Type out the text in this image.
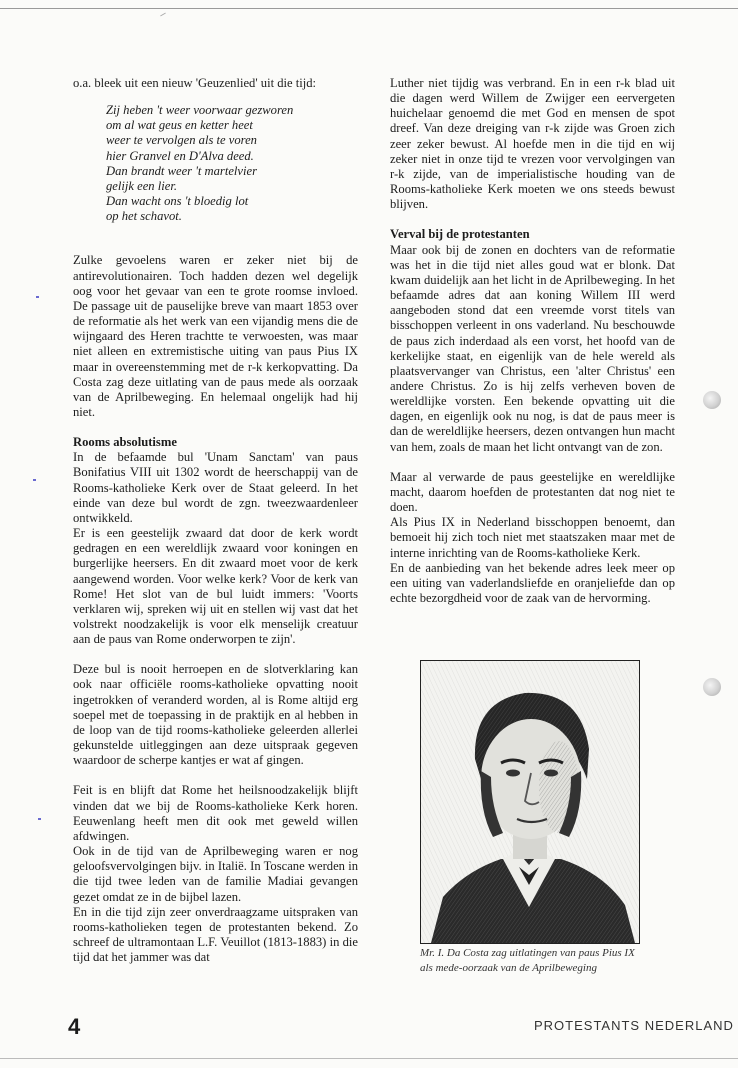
o.a. bleek uit een nieuw 'Geuzenlied' uit die tijd:

Zij heben 't weer voorwaar gezworen
om al wat geus en ketter heet
weer te vervolgen als te voren
hier Granvel en D'Alva deed.
Dan brandt weer 't martelvier
gelijk een lier.
Dan wacht ons 't bloedig lot
op het schavot.

Zulke gevoelens waren er zeker niet bij de antirevolutionairen. Toch hadden dezen wel degelijk oog voor het gevaar van een te grote roomse invloed. De passage uit de pauselijke breve van maart 1853 over de reformatie als het werk van een vijandig mens die de wijngaard des Heren trachtte te verwoesten, was maar niet alleen en extremistische uiting van paus Pius IX maar in overeenstemming met de r-k kerkopvatting. Da Costa zag deze uitlating van de paus mede als oorzaak van de Aprilbeweging. En helemaal ongelijk had hij niet.

Rooms absolutisme

In de befaamde bul 'Unam Sanctam' van paus Bonifatius VIII uit 1302 wordt de heerschappij van de Rooms-katholieke Kerk over de Staat geleerd. In het einde van deze bul wordt de zgn. tweezwaardenleer ontwikkeld.

Er is een geestelijk zwaard dat door de kerk wordt gedragen en een wereldlijk zwaard voor koningen en burgerlijke heersers. En dit zwaard moet voor de kerk aangewend worden. Voor welke kerk? Voor de kerk van Rome! Het slot van de bul luidt immers: 'Voorts verklaren wij, spreken wij uit en stellen wij vast dat het volstrekt noodzakelijk is voor elk menselijk creatuur aan de paus van Rome onderworpen te zijn'.

Deze bul is nooit herroepen en de slotverklaring kan ook naar officiële rooms-katholieke opvatting nooit ingetrokken of veranderd worden, al is Rome altijd erg soepel met de toepassing in de praktijk en al hebben in de loop van de tijd rooms-katholieke geleerden allerlei gekunstelde uitleggingen aan deze uitspraak gegeven waardoor de scherpe kantjes er wat af gingen.

Feit is en blijft dat Rome het heilsnoodzakelijk blijft vinden dat we bij de Rooms-katholieke Kerk horen. Eeuwenlang heeft men dit ook met geweld willen afdwingen.

Ook in de tijd van de Aprilbeweging waren er nog geloofsvervolgingen bijv. in Italië. In Toscane werden in die tijd twee leden van de familie Madiai gevangen gezet omdat ze in de bijbel lazen.

En in die tijd zijn zeer onverdraagzame uitspraken van rooms-katholieken tegen de protestanten bekend. Zo schreef de ultramontaan L.F. Veuillot (1813-1883) in die tijd dat het jammer was dat

Luther niet tijdig was verbrand. En in een r-k blad uit die dagen werd Willem de Zwijger een eervergeten huichelaar genoemd die met God en mensen de spot dreef. Van deze dreiging van r-k zijde was Groen zich zeer zeker bewust. Al hoefde men in die tijd en wij zeker niet in onze tijd te vrezen voor vervolgingen van r-k zijde, van de imperialistische houding van de Rooms-katholieke Kerk moeten we ons steeds bewust blijven.

Verval bij de protestanten

Maar ook bij de zonen en dochters van de reformatie was het in die tijd niet alles goud wat er blonk. Dat kwam duidelijk aan het licht in de Aprilbeweging. In het befaamde adres dat aan koning Willem III werd aangeboden stond dat een vreemde vorst titels van bisschoppen verleent in ons vaderland. Nu beschouwde de paus zich inderdaad als een vorst, het hoofd van de kerkelijke staat, en eigenlijk van de hele wereld als plaatsvervanger van Christus, een 'alter Christus' een andere Christus. Zo is hij zelfs verheven boven de wereldlijke vorsten. Een bekende opvatting uit die dagen, en eigenlijk ook nu nog, is dat de paus meer is dan de wereldlijke heersers, dezen ontvangen hun macht van hem, zoals de maan het licht ontvangt van de zon.

Maar al verwarde de paus geestelijke en wereldlijke macht, daarom hoefden de protestanten dat nog niet te doen.

Als Pius IX in Nederland bisschoppen benoemt, dan bemoeit hij zich toch niet met staatszaken maar met de interne inrichting van de Rooms-katholieke Kerk.

En de aanbieding van het bekende adres leek meer op een uiting van vaderlandsliefde en oranjeliefde dan op echte bezorgdheid voor de zaak van de hervorming.

Mr. I. Da Costa zag uitlatingen van paus Pius IX als mede-oorzaak van de Aprilbeweging
4	PROTESTANTS NEDERLAND
